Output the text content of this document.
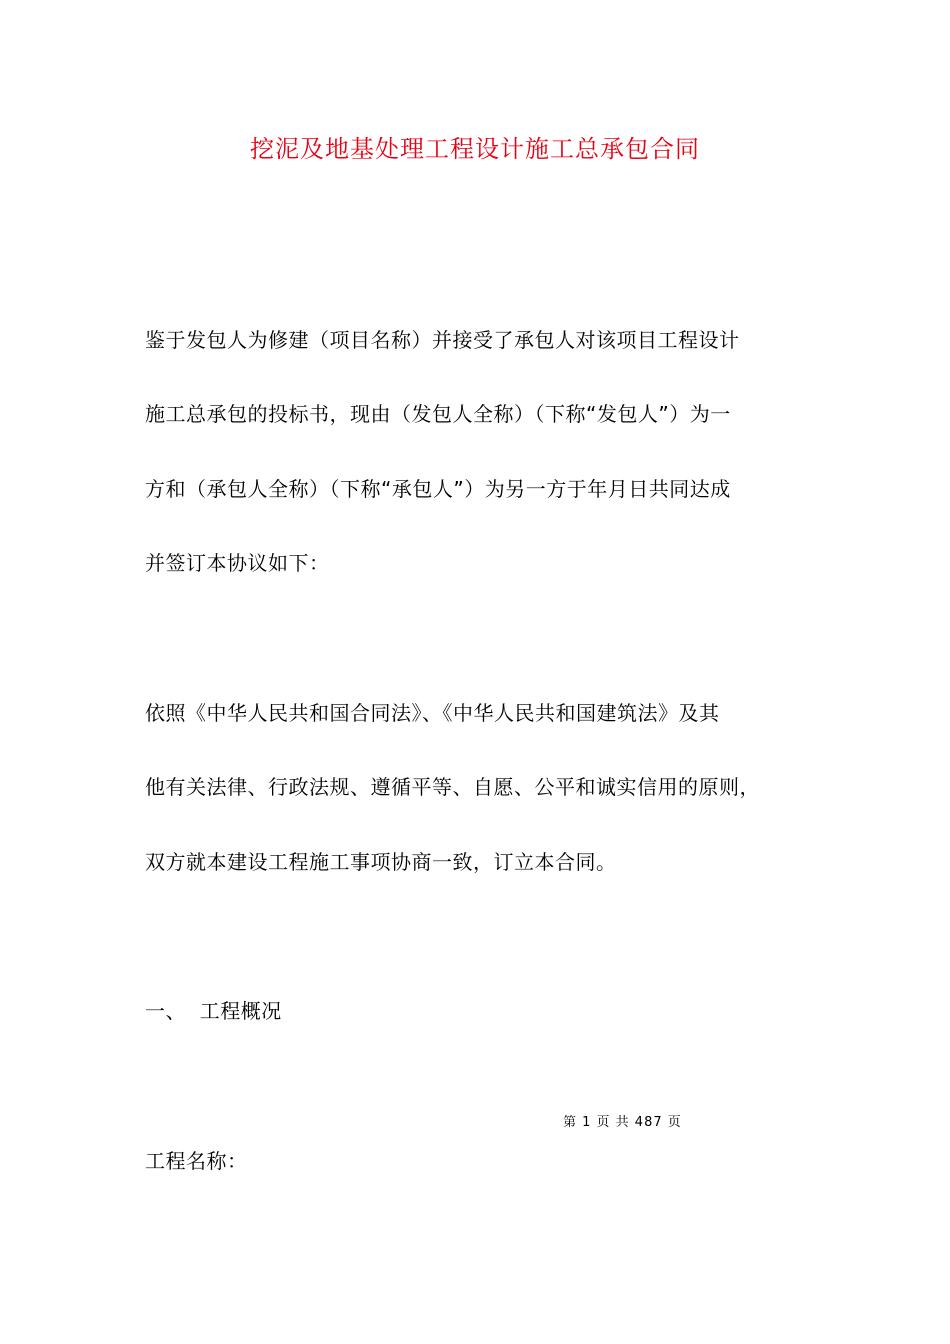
挖泥及地基处理工程设计施工总承包合同
鉴于发包人为修建（项目名称）并接受了承包人对该项目工程设计
施工总承包的投标书，现由（发包人全称）（下称“发包人”）为一
方和（承包人全称）（下称“承包人”）为另一方于年月日共同达成
并签订本协议如下：
依照《中华人民共和国合同法》、《中华人民共和国建筑法》及其
他有关法律、行政法规、遵循平等、自愿、公平和诚实信用的原则，
双方就本建设工程施工事项协商一致，订立本合同。
一、  工程概况
第 1 页 共 487 页
工程名称：
